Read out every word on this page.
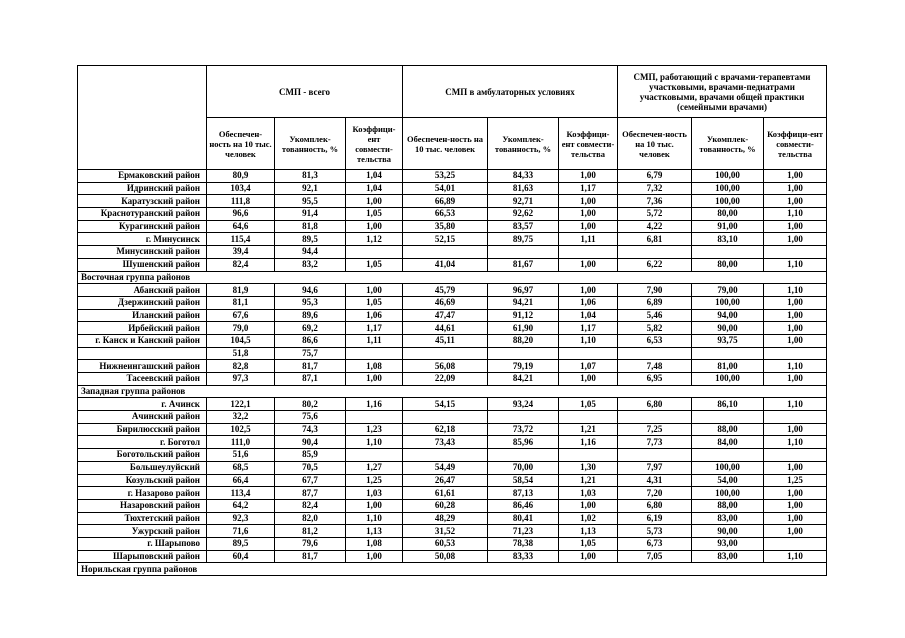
	СМП - всего			СМП в амбулаторных условиях			СМП, работающий с врачами-терапевтами участковыми, врачами-педиатрами участковыми, врачами общей практики (семейными врачами)		
	Обеспечен-ность на 10 тыс. человек	Укомплек-тованность, %	Коэффици-ент совмести-тельства	Обеспечен-ность на 10 тыс. человек	Укомплек-тованность, %	Коэффици-ент совмести-тельства	Обеспечен-ность на 10 тыс. человек	Укомплек-тованность, %	Коэффици-ент совмести-тельства
Ермаковский район	80,9	81,3	1,04	53,25	84,33	1,00	6,79	100,00	1,00
Идринский район	103,4	92,1	1,04	54,01	81,63	1,17	7,32	100,00	1,00
Каратузский район	111,8	95,5	1,00	66,89	92,71	1,00	7,36	100,00	1,00
Краснотуранский район	96,6	91,4	1,05	66,53	92,62	1,00	5,72	80,00	1,10
Курагинский район	64,6	81,8	1,00	35,80	83,57	1,00	4,22	91,00	1,00
г. Минусинск	115,4	89,5	1,12	52,15	89,75	1,11	6,81	83,10	1,00
Минусинский район	39,4	94,4							
Шушенский район	82,4	83,2	1,05	41,04	81,67	1,00	6,22	80,00	1,10
Восточная группа районов									
Абанский район	81,9	94,6	1,00	45,79	96,97	1,00	7,90	79,00	1,10
Дзержинский район	81,1	95,3	1,05	46,69	94,21	1,06	6,89	100,00	1,00
Иланский район	67,6	89,6	1,06	47,47	91,12	1,04	5,46	94,00	1,00
Ирбейский район	79,0	69,2	1,17	44,61	61,90	1,17	5,82	90,00	1,00
г. Канск и Канский район	104,5	86,6	1,11	45,11	88,20	1,10	6,53	93,75	1,00
	51,8	75,7							
Нижнеингашский район	82,8	81,7	1,08	56,08	79,19	1,07	7,48	81,00	1,10
Тасеевский район	97,3	87,1	1,00	22,09	84,21	1,00	6,95	100,00	1,00
Западная группа районов									
г. Ачинск	122,1	80,2	1,16	54,15	93,24	1,05	6,80	86,10	1,10
Ачинский район	32,2	75,6							
Бирилюсский район	102,5	74,3	1,23	62,18	73,72	1,21	7,25	88,00	1,00
г. Боготол	111,0	90,4	1,10	73,43	85,96	1,16	7,73	84,00	1,10
Боготольский район	51,6	85,9							
Большеулуйский	68,5	70,5	1,27	54,49	70,00	1,30	7,97	100,00	1,00
Козульский район	66,4	67,7	1,25	26,47	58,54	1,21	4,31	54,00	1,25
г. Назарово район	113,4	87,7	1,03	61,61	87,13	1,03	7,20	100,00	1,00
Назаровский район	64,2	82,4	1,00	60,28	86,46	1,00	6,80	88,00	1,00
Тюхтетский район	92,3	82,0	1,10	48,29	80,41	1,02	6,19	83,00	1,00
Ужурский район	71,6	81,2	1,13	31,52	71,23	1,13	5,73	90,00	1,00
г. Шарыпово	89,5	79,6	1,08	60,53	78,38	1,05	6,73	93,00	
Шарыповский район	60,4	81,7	1,00	50,08	83,33	1,00	7,05	83,00	1,10
Норильская группа районов									
